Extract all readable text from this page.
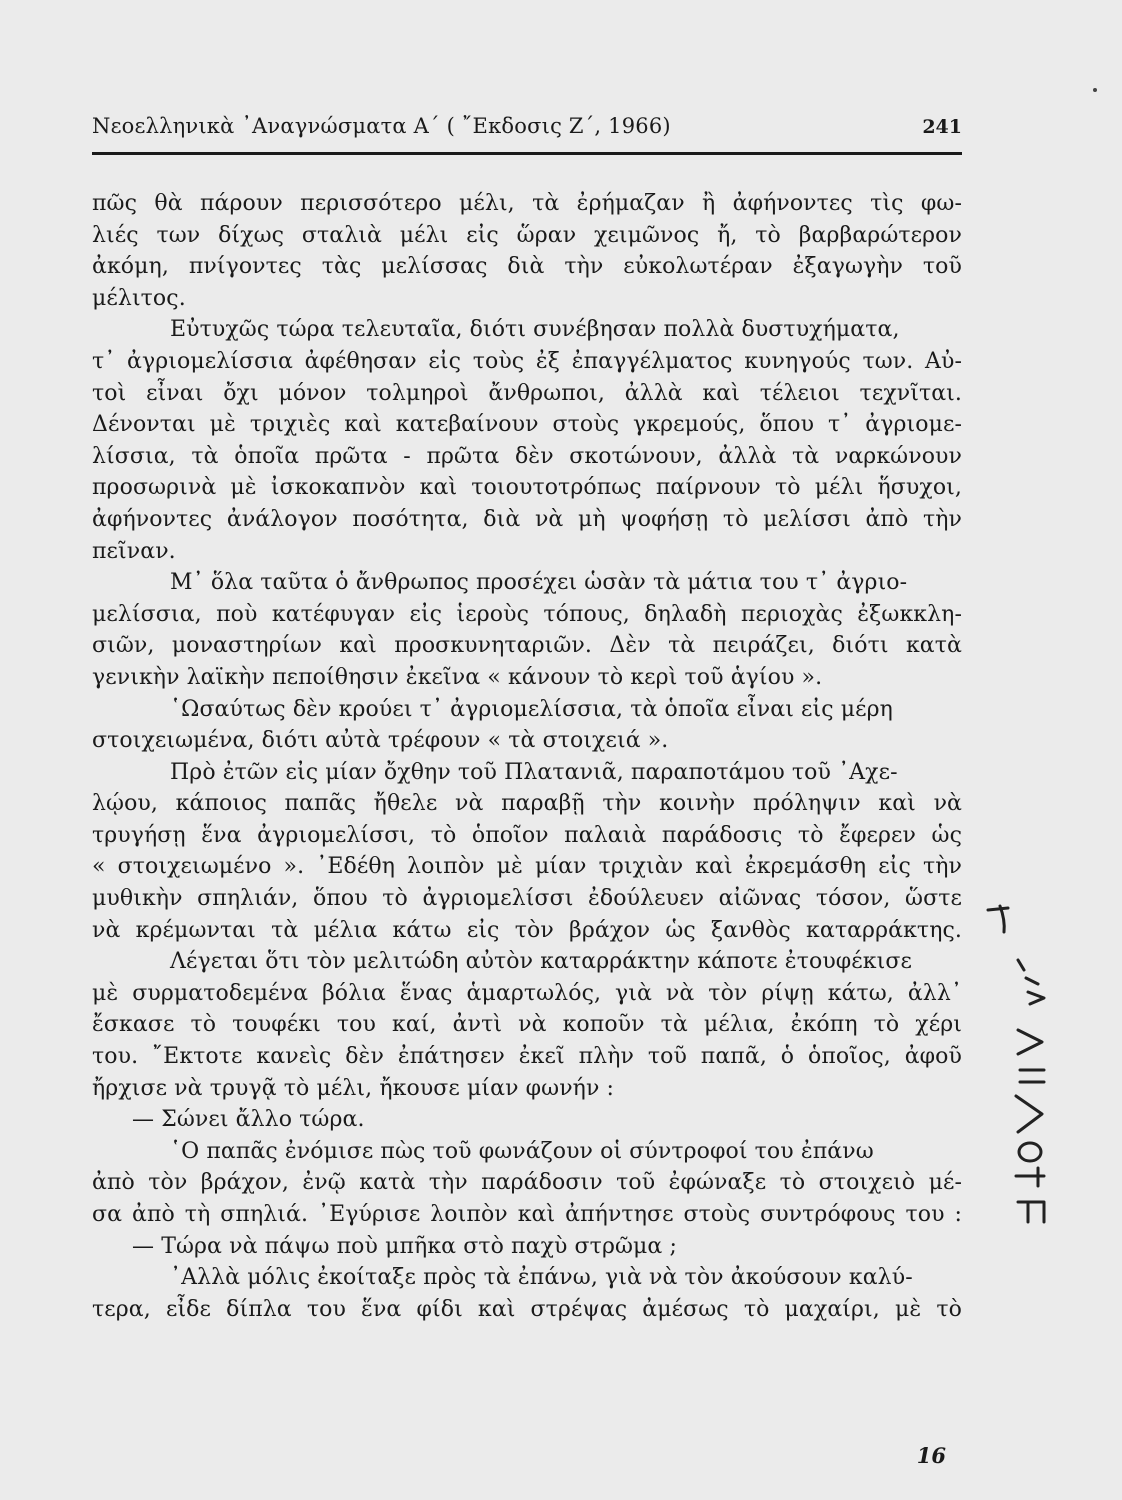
Νεοελληνικὰ ᾿Αναγνώσματα Α΄ ( ῎Εκδοσις Ζ΄, 1966)	241
πῶς θὰ πάρουν περισσότερο μέλι, τὰ ἐρήμαζαν ἢ ἀφήνοντες τὶς φω-
λιές των δίχως σταλιὰ μέλι εἰς ὥραν χειμῶνος ἤ, τὸ βαρβαρώτερον
ἀκόμη, πνίγοντες τὰς μελίσσας διὰ τὴν εὐκολωτέραν ἐξαγωγὴν τοῦ
μέλιτος.
Εὐτυχῶς τώρα τελευταῖα, διότι συνέβησαν πολλὰ δυστυχήματα,
τ᾿ ἀγριομελίσσια ἀφέθησαν εἰς τοὺς ἐξ ἐπαγγέλματος κυνηγούς των. Αὐ-
τοὶ εἶναι ὄχι μόνον τολμηροὶ ἄνθρωποι, ἀλλὰ καὶ τέλειοι τεχνῖται.
Δένονται μὲ τριχιὲς καὶ κατεβαίνουν στοὺς γκρεμούς, ὅπου τ᾿ ἀγριομε-
λίσσια, τὰ ὁποῖα πρῶτα - πρῶτα δὲν σκοτώνουν, ἀλλὰ τὰ ναρκώνουν
προσωρινὰ μὲ ἰσκοκαπνὸν καὶ τοιουτοτρόπως παίρνουν τὸ μέλι ἥσυχοι,
ἀφήνοντες ἀνάλογον ποσότητα, διὰ νὰ μὴ ψοφήσῃ τὸ μελίσσι ἀπὸ τὴν
πεῖναν.
Μ᾿ ὅλα ταῦτα ὁ ἄνθρωπος προσέχει ὡσὰν τὰ μάτια του τ᾿ ἀγριο-
μελίσσια, ποὺ κατέφυγαν εἰς ἱεροὺς τόπους, δηλαδὴ περιοχὰς ἐξωκκλη-
σιῶν, μοναστηρίων καὶ προσκυνηταριῶν. Δὲν τὰ πειράζει, διότι κατὰ
γενικὴν λαϊκὴν πεποίθησιν ἐκεῖνα « κάνουν τὸ κερὶ τοῦ ἁγίου ».
῾Ωσαύτως δὲν κρούει τ᾿ ἀγριομελίσσια, τὰ ὁποῖα εἶναι εἰς μέρη
στοιχειωμένα, διότι αὐτὰ τρέφουν « τὰ στοιχειά ».
Πρὸ ἐτῶν εἰς μίαν ὄχθην τοῦ Πλατανιᾶ, παραποτάμου τοῦ ᾿Αχε-
λῴου, κάποιος παπᾶς ἤθελε νὰ παραβῇ τὴν κοινὴν πρόληψιν καὶ νὰ
τρυγήσῃ ἕνα ἀγριομελίσσι, τὸ ὁποῖον παλαιὰ παράδοσις τὸ ἔφερεν ὡς
« στοιχειωμένο ». ᾿Εδέθη λοιπὸν μὲ μίαν τριχιὰν καὶ ἐκρεμάσθη εἰς τὴν
μυθικὴν σπηλιάν, ὅπου τὸ ἀγριομελίσσι ἐδούλευεν αἰῶνας τόσον, ὥστε
νὰ κρέμωνται τὰ μέλια κάτω εἰς τὸν βράχον ὡς ξανθὸς καταρράκτης.
Λέγεται ὅτι τὸν μελιτώδη αὐτὸν καταρράκτην κάποτε ἐτουφέκισε
μὲ συρματοδεμένα βόλια ἕνας ἁμαρτωλός, γιὰ νὰ τὸν ρίψῃ κάτω, ἀλλ᾿
ἔσκασε τὸ τουφέκι του καί, ἀντὶ νὰ κοποῦν τὰ μέλια, ἐκόπη τὸ χέρι
του. ῎Εκτοτε κανεὶς δὲν ἐπάτησεν ἐκεῖ πλὴν τοῦ παπᾶ, ὁ ὁποῖος, ἀφοῦ
ἤρχισε νὰ τρυγᾷ τὸ μέλι, ἤκουσε μίαν φωνήν :
— Σώνει ἄλλο τώρα.
῾Ο παπᾶς ἐνόμισε πὼς τοῦ φωνάζουν οἱ σύντροφοί του ἐπάνω
ἀπὸ τὸν βράχον, ἐνῷ κατὰ τὴν παράδοσιν τοῦ ἐφώναξε τὸ στοιχειὸ μέ-
σα ἀπὸ τὴ σπηλιά. ᾿Εγύρισε λοιπὸν καὶ ἀπήντησε στοὺς συντρόφους του :
— Τώρα νὰ πάψω ποὺ μπῆκα στὸ παχὺ στρῶμα ;
᾿Αλλὰ μόλις ἐκοίταξε πρὸς τὰ ἐπάνω, γιὰ νὰ τὸν ἀκούσουν καλύ-
τερα, εἶδε δίπλα του ἕνα φίδι καὶ στρέψας ἀμέσως τὸ μαχαίρι, μὲ τὸ
16
